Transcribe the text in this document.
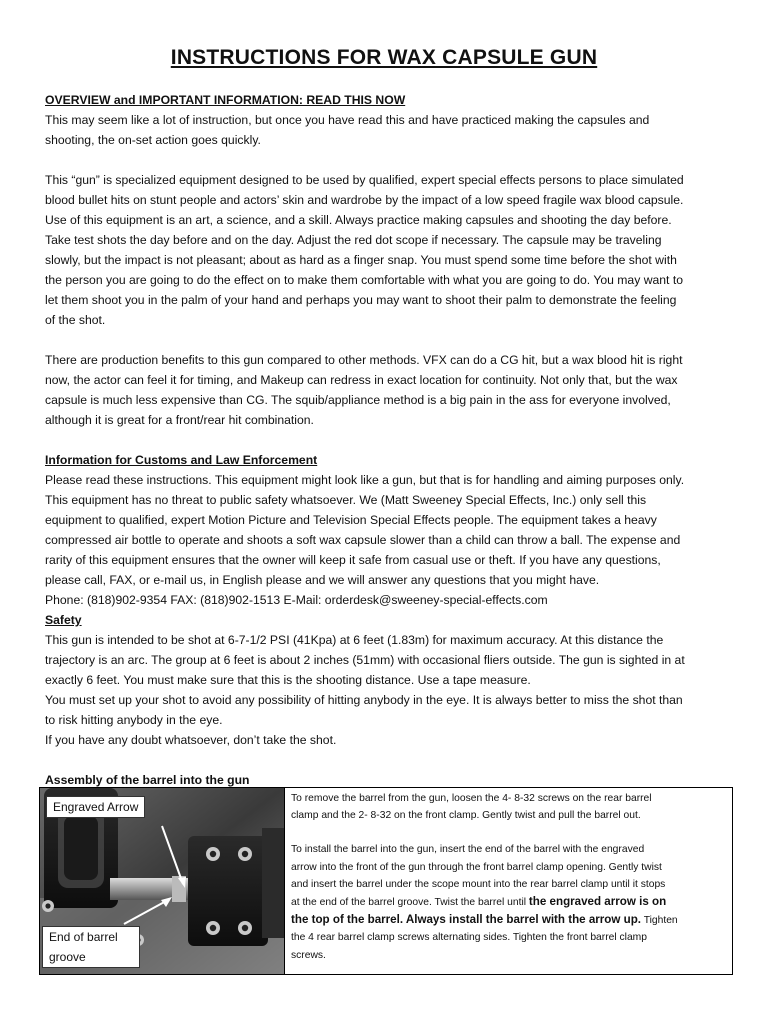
INSTRUCTIONS FOR WAX CAPSULE GUN

OVERVIEW and IMPORTANT INFORMATION: READ THIS NOW

This may seem like a lot of instruction, but once you have read this and have practiced making the capsules and

shooting, the on-set action goes quickly.

This “gun” is specialized equipment designed to be used by qualified, expert special effects persons to place simulated

blood bullet hits on stunt people and actors’ skin and wardrobe by the impact of a low speed fragile wax blood capsule.

Use of this equipment is an art, a science, and a skill. Always practice making capsules and shooting the day before.

Take test shots the day before and on the day. Adjust the red dot scope if necessary. The capsule may be traveling

slowly, but the impact is not pleasant; about as hard as a finger snap. You must spend some time before the shot with

the person you are going to do the effect on to make them comfortable with what you are going to do. You may want to

let them shoot you in the palm of your hand and perhaps you may want to shoot their palm to demonstrate the feeling

of the shot.

There are production benefits to this gun compared to other methods. VFX can do a CG hit, but a wax blood hit is right

now, the actor can feel it for timing, and Makeup can redress in exact location for continuity. Not only that, but the wax

capsule is much less expensive than CG. The squib/appliance method is a big pain in the ass for everyone involved,

although it is great for a front/rear hit combination.

Information for Customs and Law Enforcement

Please read these instructions. This equipment might look like a gun, but that is for handling and aiming purposes only.

This equipment has no threat to public safety whatsoever. We (Matt Sweeney Special Effects, Inc.) only sell this

equipment to qualified, expert Motion Picture and Television Special Effects people. The equipment takes a heavy

compressed air bottle to operate and shoots a soft wax capsule slower than a child can throw a ball. The expense and

rarity of this equipment ensures that the owner will keep it safe from casual use or theft. If you have any questions,

please call, FAX, or e-mail us, in English please and we will answer any questions that you might have.

Phone: (818)902-9354 FAX: (818)902-1513 E-Mail: orderdesk@sweeney-special-effects.com

Safety

This gun is intended to be shot at 6-7-1/2 PSI (41Kpa) at 6 feet (1.83m) for maximum accuracy. At this distance the

trajectory is an arc. The group at 6 feet is about 2 inches (51mm) with occasional fliers outside. The gun is sighted in at

exactly 6 feet. You must make sure that this is the shooting distance. Use a tape measure.

You must set up your shot to avoid any possibility of hitting anybody in the eye. It is always better to miss the shot than

to risk hitting anybody in the eye.

If you have any doubt whatsoever, don’t take the shot.

Assembly of the barrel into the gun

Engraved Arrow
End of barrel
groove

To remove the barrel from the gun, loosen the 4- 8-32 screws on the rear barrel

clamp and the 2- 8-32 on the front clamp. Gently twist and pull the barrel out.

To install the barrel into the gun, insert the end of the barrel with the engraved

arrow into the front of the gun through the front barrel clamp opening. Gently twist

and insert the barrel under the scope mount into the rear barrel clamp until it stops

at the end of the barrel groove. Twist the barrel until the engraved arrow is on

the top of the barrel. Always install the barrel with the arrow up. Tighten

the 4 rear barrel clamp screws alternating sides. Tighten the front barrel clamp

screws.
